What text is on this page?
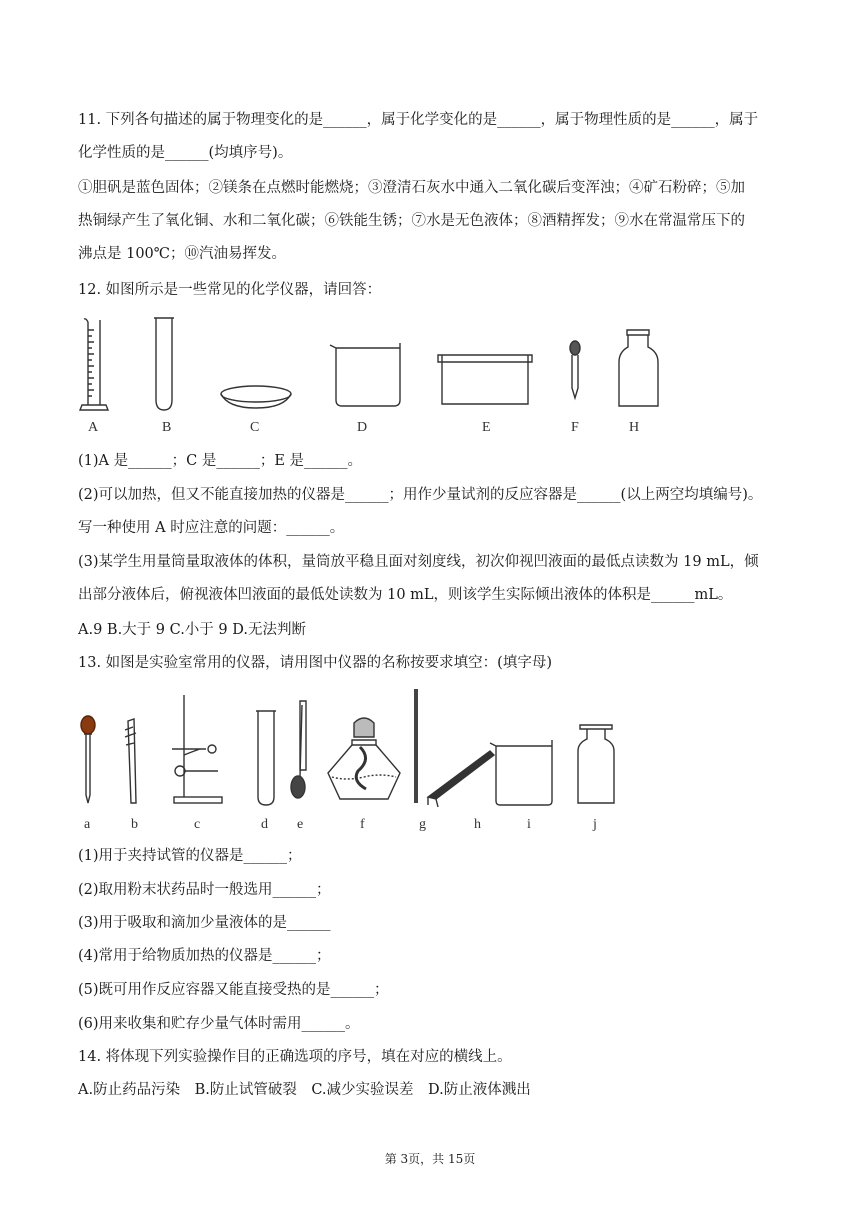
11. 下列各句描述的属于物理变化的是______，属于化学变化的是______，属于物理性质的是______，属于
化学性质的是______(均填序号)。
①胆矾是蓝色固体；②镁条在点燃时能燃烧；③澄清石灰水中通入二氧化碳后变浑浊；④矿石粉碎；⑤加
热铜绿产生了氧化铜、水和二氧化碳；⑥铁能生锈；⑦水是无色液体；⑧酒精挥发；⑨水在常温常压下的
沸点是 100℃；⑩汽油易挥发。
12. 如图所示是一些常见的化学仪器，请回答：
A	B	C	D	E	F	H
(1)A 是______；C 是______；E 是______。
(2)可以加热，但又不能直接加热的仪器是______；用作少量试剂的反应容器是______(以上两空均填编号)。
写一种使用 A 时应注意的问题：______。
(3)某学生用量筒量取液体的体积，量筒放平稳且面对刻度线，初次仰视凹液面的最低点读数为 19 mL，倾
出部分液体后，俯视液体凹液面的最低处读数为 10 mL，则该学生实际倾出液体的体积是______mL。
A.9 B.大于 9 C.小于 9 D.无法判断
13. 如图是实验室常用的仪器，请用图中仪器的名称按要求填空：(填字母)
a	b	c	d e	f	g	h	i	j
(1)用于夹持试管的仪器是______；
(2)取用粉末状药品时一般选用______；
(3)用于吸取和滴加少量液体的是______
(4)常用于给物质加热的仪器是______；
(5)既可用作反应容器又能直接受热的是______；
(6)用来收集和贮存少量气体时需用______。
14. 将体现下列实验操作目的正确选项的序号，填在对应的横线上。
A.防止药品污染　B.防止试管破裂　C.减少实验误差　D.防止液体溅出
第 3页，共 15页
